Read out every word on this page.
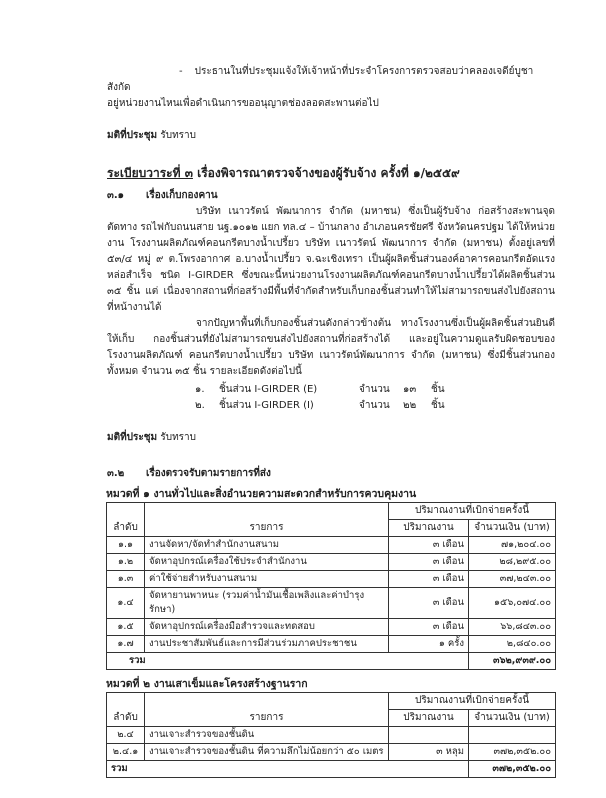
- ประธานในที่ประชุมแจ้งให้เจ้าหน้าที่ประจำโครงการตรวจสอบว่าคลองเจดีย์บูชาสังกัด
อยู่หน่วยงานไหนเพื่อดำเนินการขออนุญาตช่องลอดสะพานต่อไป
มติที่ประชุม รับทราบ
ระเบียบวาระที่ ๓ เรื่องพิจารณาตรวจจ้างของผู้รับจ้าง ครั้งที่ ๑/๒๕๕๙
๓.๑ เรื่องเก็บกองคาน
บริษัท เนาวรัตน์ พัฒนาการ จำกัด (มหาชน) ซึ่งเป็นผู้รับจ้าง ก่อสร้างสะพานจุดตัดทาง รถไฟกับถนนสาย นฐ.๑๐๑๒ แยก ทล.๔ – บ้านกลาง อำเภอนครชัยศรี จังหวัดนครปฐม ได้ให้หน่วยงาน โรงงานผลิตภัณฑ์คอนกรีตบางน้ำเปรี้ยว บริษัท เนาวรัตน์ พัฒนาการ จำกัด (มหาชน) ตั้งอยู่เลขที่ ๕๓/๔ หมู่ ๙ ต.โพรงอากาศ อ.บางน้ำเปรี้ยว จ.ฉะเชิงเทรา เป็นผู้ผลิตชิ้นส่วนองค์อาคารคอนกรีตอัดแรงหล่อสำเร็จ ชนิด I-GIRDER ซึ่งขณะนี้หน่วยงานโรงงานผลิตภัณฑ์คอนกรีตบางน้ำเปรี้ยวได้ผลิตชิ้นส่วน ๓๕ ชิ้น แต่ เนื่องจากสถานที่ก่อสร้างมีพื้นที่จำกัดสำหรับเก็บกองชิ้นส่วนทำให้ไม่สามารถขนส่งไปยังสถานที่หน้างานได้
จากปัญหาพื้นที่เก็บกองชิ้นส่วนดังกล่าวข้างต้น ทางโรงงานซึ่งเป็นผู้ผลิตชิ้นส่วนยินดีให้เก็บ กองชิ้นส่วนที่ยังไม่สามารถขนส่งไปยังสถานที่ก่อสร้างได้ และอยู่ในความดูแลรับผิดชอบของโรงงานผลิตภัณฑ์ คอนกรีตบางน้ำเปรี้ยว บริษัท เนาวรัตน์พัฒนาการ จำกัด (มหาชน) ซึ่งมีชิ้นส่วนกองทั้งหมด จำนวน ๓๕ ชิ้น รายละเอียดดังต่อไปนี้
๑. ชิ้นส่วน I-GIRDER (E)	จำนวน ๑๓ ชิ้น
๒. ชิ้นส่วน I-GIRDER (I)	จำนวน ๒๒ ชิ้น
มติที่ประชุม รับทราบ
๓.๒ เรื่องตรวจรับตามรายการที่ส่ง
หมวดที่ ๑ งานทั่วไปและสิ่งอำนวยความสะดวกสำหรับการควบคุมงาน
ลำดับ	รายการ	ปริมาณงานที่เบิกจ่ายครั้งนี้	
		ปริมาณงาน	จำนวนเงิน (บาท)
๑.๑	งานจัดหา/จัดทำสำนักงานสนาม	๓ เดือน	๗๑,๒๐๔.๐๐
๑.๒	จัดหาอุปกรณ์เครื่องใช้ประจำสำนักงาน	๓ เดือน	๒๘,๒๙๕.๐๐
๑.๓	ค่าใช้จ่ายสำหรับงานสนาม	๓ เดือน	๓๗,๒๔๓.๐๐
๑.๔	จัดหายานพาหนะ (รวมค่าน้ำมันเชื้อเพลิงและค่าบำรุงรักษา)	๓ เดือน	๑๕๖,๐๗๔.๐๐
๑.๕	จัดหาอุปกรณ์เครื่องมือสำรวจและทดสอบ	๓ เดือน	๖๖,๘๔๓.๐๐
๑.๗	งานประชาสัมพันธ์และการมีส่วนร่วมภาคประชาชน	๑ ครั้ง	๒,๘๔๐.๐๐
รวม			๓๖๒,๙๓๙.๐๐
หมวดที่ ๒ งานเสาเข็มและโครงสร้างฐานราก
ลำดับ	รายการ	ปริมาณงานที่เบิกจ่ายครั้งนี้	
		ปริมาณงาน	จำนวนเงิน (บาท)
๒.๔	งานเจาะสำรวจของชั้นดิน		
๒.๔.๑	งานเจาะสำรวจของชั้นดิน ที่ความลึกไม่น้อยกว่า ๕๐ เมตร	๓ หลุม	๓๗๒,๓๕๒.๐๐
รวม			๓๗๒,๓๕๒.๐๐
